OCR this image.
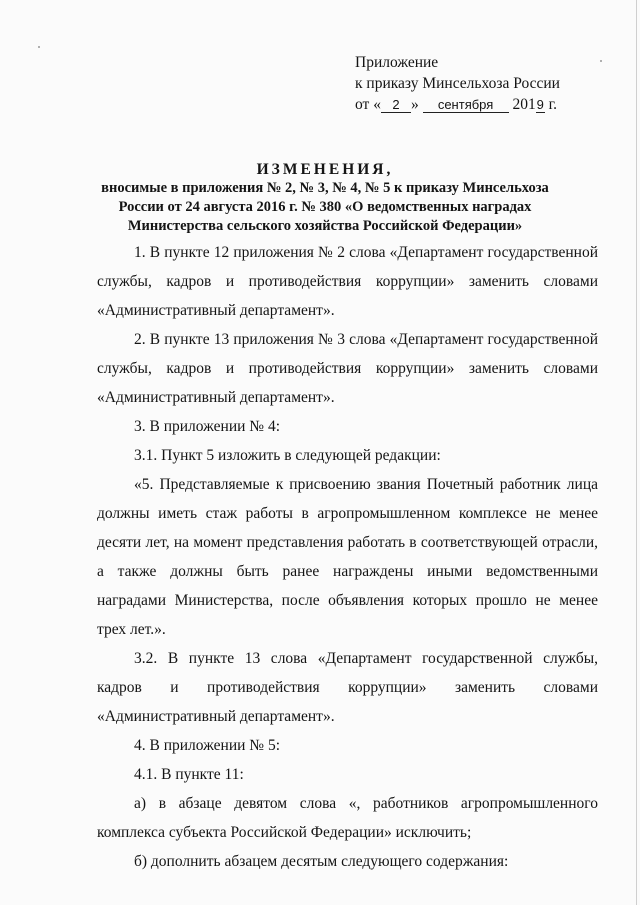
Приложение
к приказу Минсельхоза России
от « 2 » сентября 2019 г.
ИЗМЕНЕНИЯ,
вносимые в приложения № 2, № 3, № 4, № 5 к приказу Минсельхоза
России от 24 августа 2016 г. № 380 «О ведомственных наградах
Министерства сельского хозяйства Российской Федерации»
1. В пункте 12 приложения № 2 слова «Департамент государственной службы, кадров и противодействия коррупции» заменить словами «Административный департамент».
2. В пункте 13 приложения № 3 слова «Департамент государственной службы, кадров и противодействия коррупции» заменить словами «Административный департамент».
3. В приложении № 4:
3.1. Пункт 5 изложить в следующей редакции:
«5. Представляемые к присвоению звания Почетный работник лица должны иметь стаж работы в агропромышленном комплексе не менее десяти лет, на момент представления работать в соответствующей отрасли, а также должны быть ранее награждены иными ведомственными наградами Министерства, после объявления которых прошло не менее трех лет.».
3.2. В пункте 13 слова «Департамент государственной службы, кадров и противодействия коррупции» заменить словами «Административный департамент».
4. В приложении № 5:
4.1. В пункте 11:
а) в абзаце девятом слова «, работников агропромышленного комплекса субъекта Российской Федерации» исключить;
б) дополнить абзацем десятым следующего содержания:
